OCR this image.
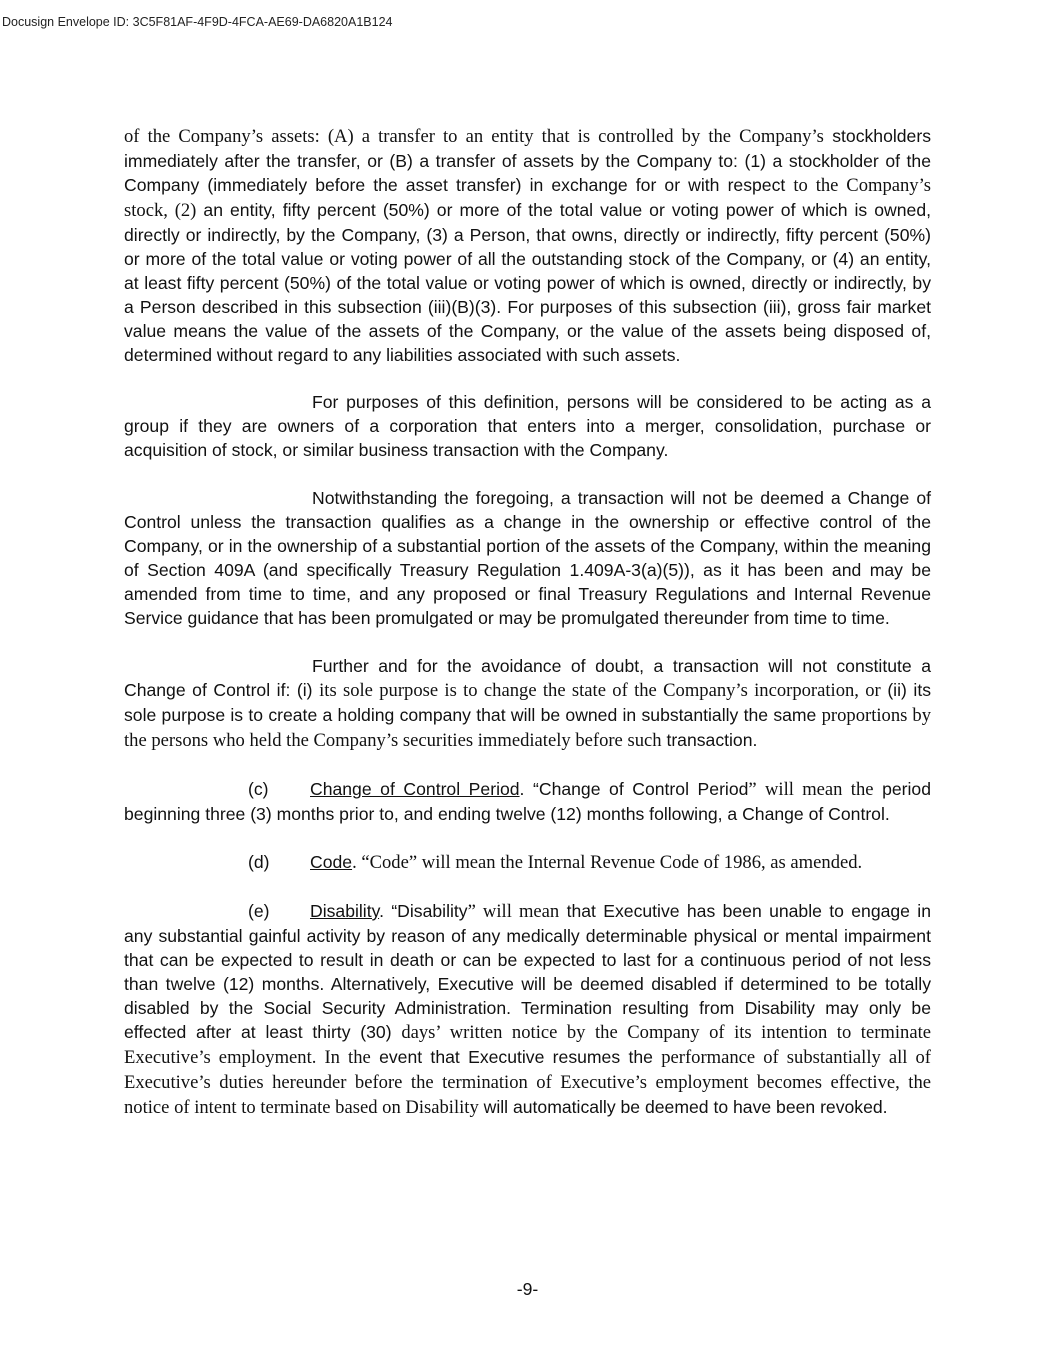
Docusign Envelope ID: 3C5F81AF-4F9D-4FCA-AE69-DA6820A1B124

of the Company’s assets: (A) a transfer to an entity that is controlled by the Company’s stockholders immediately after the transfer, or (B) a transfer of assets by the Company to: (1) a stockholder of the Company (immediately before the asset transfer) in exchange for or with respect to the Company’s stock, (2) an entity, fifty percent (50%) or more of the total value or voting power of which is owned, directly or indirectly, by the Company, (3) a Person, that owns, directly or indirectly, fifty percent (50%) or more of the total value or voting power of all the outstanding stock of the Company, or (4) an entity, at least fifty percent (50%) of the total value or voting power of which is owned, directly or indirectly, by a Person described in this subsection (iii)(B)(3). For purposes of this subsection (iii), gross fair market value means the value of the assets of the Company, or the value of the assets being disposed of, determined without regard to any liabilities associated with such assets.

For purposes of this definition, persons will be considered to be acting as a group if they are owners of a corporation that enters into a merger, consolidation, purchase or acquisition of stock, or similar business transaction with the Company.

Notwithstanding the foregoing, a transaction will not be deemed a Change of Control unless the transaction qualifies as a change in the ownership or effective control of the Company, or in the ownership of a substantial portion of the assets of the Company, within the meaning of Section 409A (and specifically Treasury Regulation 1.409A-3(a)(5)), as it has been and may be amended from time to time, and any proposed or final Treasury Regulations and Internal Revenue Service guidance that has been promulgated or may be promulgated thereunder from time to time.

Further and for the avoidance of doubt, a transaction will not constitute a Change of Control if: (i) its sole purpose is to change the state of the Company’s incorporation, or (ii) its sole purpose is to create a holding company that will be owned in substantially the same proportions by the persons who held the Company’s securities immediately before such transaction.

(c) Change of Control Period. “Change of Control Period” will mean the period beginning three (3) months prior to, and ending twelve (12) months following, a Change of Control.

(d) Code. “Code” will mean the Internal Revenue Code of 1986, as amended.

(e) Disability. “Disability” will mean that Executive has been unable to engage in any substantial gainful activity by reason of any medically determinable physical or mental impairment that can be expected to result in death or can be expected to last for a continuous period of not less than twelve (12) months. Alternatively, Executive will be deemed disabled if determined to be totally disabled by the Social Security Administration. Termination resulting from Disability may only be effected after at least thirty (30) days’ written notice by the Company of its intention to terminate Executive’s employment. In the event that Executive resumes the performance of substantially all of Executive’s duties hereunder before the termination of Executive’s employment becomes effective, the notice of intent to terminate based on Disability will automatically be deemed to have been revoked.

-9-
